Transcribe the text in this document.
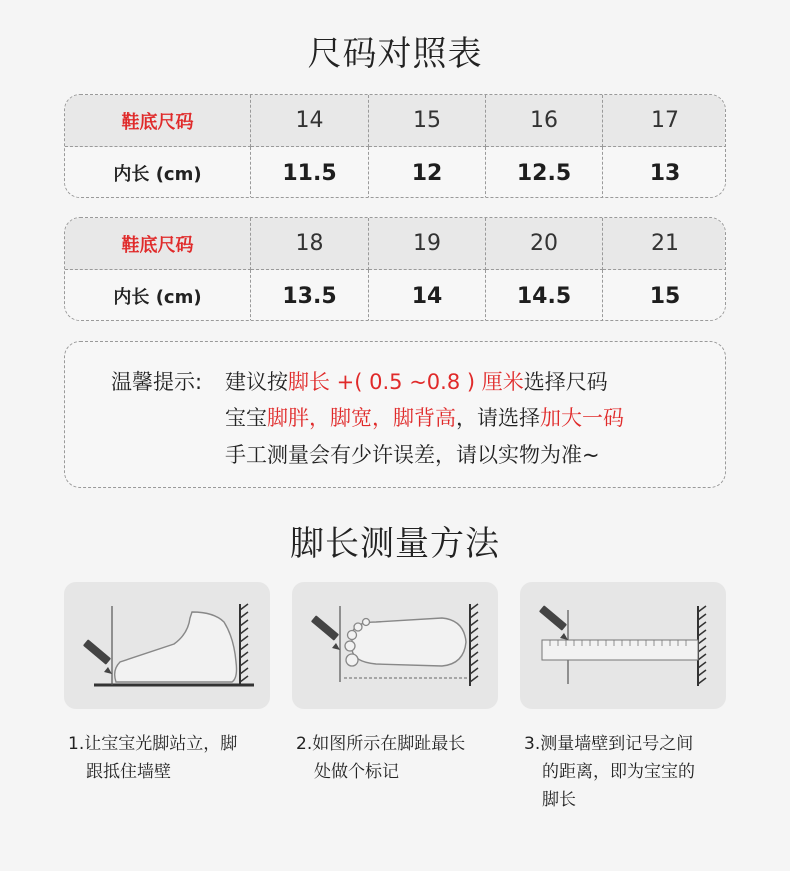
尺码对照表
鞋底尺码	14	15	16	17
内长 (cm)	11.5	12	12.5	13
鞋底尺码	18	19	20	21
内长 (cm)	13.5	14	14.5	15
温馨提示: 建议按脚长 +( 0.5 ~0.8 ) 厘米选择尺码
宝宝脚胖，脚宽，脚背高，请选择加大一码
手工测量会有少许误差，请以实物为准~
脚长测量方法
1.让宝宝光脚站立，脚
跟抵住墙壁
2.如图所示在脚趾最长
处做个标记
3.测量墙壁到记号之间
的距离，即为宝宝的
脚长
